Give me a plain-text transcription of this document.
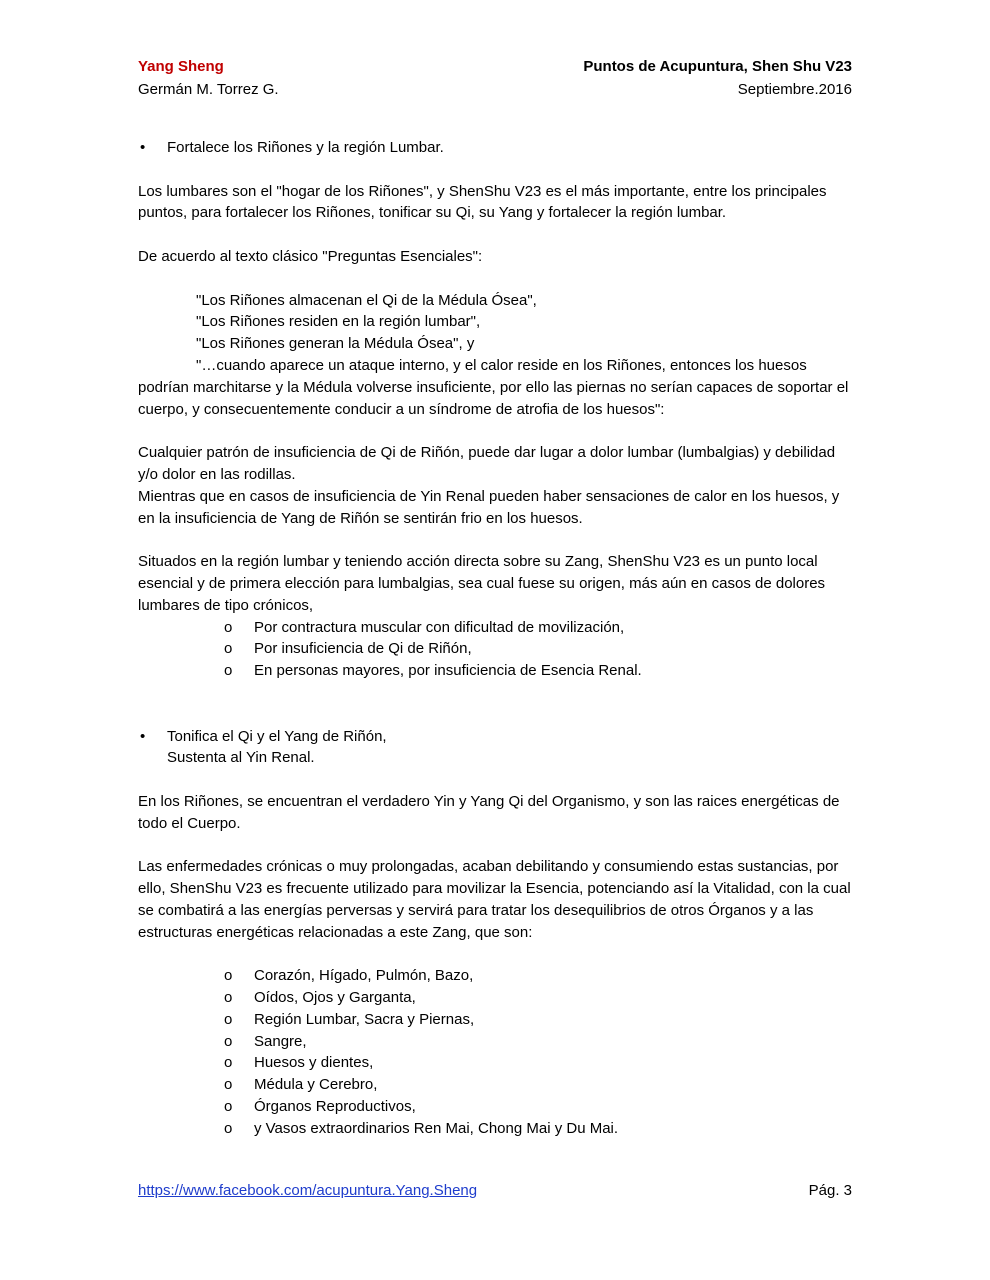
Yang Sheng	Puntos de Acupuntura, Shen Shu V23
Germán M. Torrez G.	Septiembre.2016

• Fortalece los Riñones y la región Lumbar.

Los lumbares son el "hogar de los Riñones", y ShenShu V23 es el más importante, entre los principales puntos, para fortalecer los Riñones, tonificar su Qi, su Yang y fortalecer la región lumbar.

De acuerdo al texto clásico "Preguntas Esenciales":

"Los Riñones almacenan el Qi de la Médula Ósea",

"Los Riñones residen en la región lumbar",

"Los Riñones generan la Médula Ósea", y

"…cuando aparece un ataque interno, y el calor reside en los Riñones, entonces los huesos podrían marchitarse y la Médula volverse insuficiente, por ello las piernas no serían capaces de soportar el cuerpo, y consecuentemente conducir a un síndrome de atrofia de los huesos":

Cualquier patrón de insuficiencia de Qi de Riñón, puede dar lugar a dolor lumbar (lumbalgias) y debilidad y/o dolor en las rodillas.

Mientras que en casos de insuficiencia de Yin Renal pueden haber sensaciones de calor en los huesos, y en la insuficiencia de Yang de Riñón se sentirán frio en los huesos.

Situados en la región lumbar y teniendo acción directa sobre su Zang, ShenShu V23 es un punto local esencial y de primera elección para lumbalgias, sea cual fuese su origen, más aún en casos de dolores lumbares de tipo crónicos,

o Por contractura muscular con dificultad de movilización,

o Por insuficiencia de Qi de Riñón,

o En personas mayores, por insuficiencia de Esencia Renal.

• Tonifica el Qi y el Yang de Riñón,

Sustenta al Yin Renal.

En los Riñones, se encuentran el verdadero Yin y Yang Qi del Organismo, y son las raices energéticas de todo el Cuerpo.

Las enfermedades crónicas o muy prolongadas, acaban debilitando y consumiendo estas sustancias, por ello, ShenShu V23 es frecuente utilizado para movilizar la Esencia, potenciando así la Vitalidad, con la cual se combatirá a las energías perversas y servirá para tratar los desequilibrios de otros Órganos y a las estructuras energéticas relacionadas a este Zang, que son:

o Corazón, Hígado, Pulmón, Bazo,

o Oídos, Ojos y Garganta,

o Región Lumbar, Sacra y Piernas,

o Sangre,

o Huesos y dientes,

o Médula y Cerebro,

o Órganos Reproductivos,

o y Vasos extraordinarios Ren Mai, Chong Mai y Du Mai.

https://www.facebook.com/acupuntura.Yang.Sheng	Pág. 3
